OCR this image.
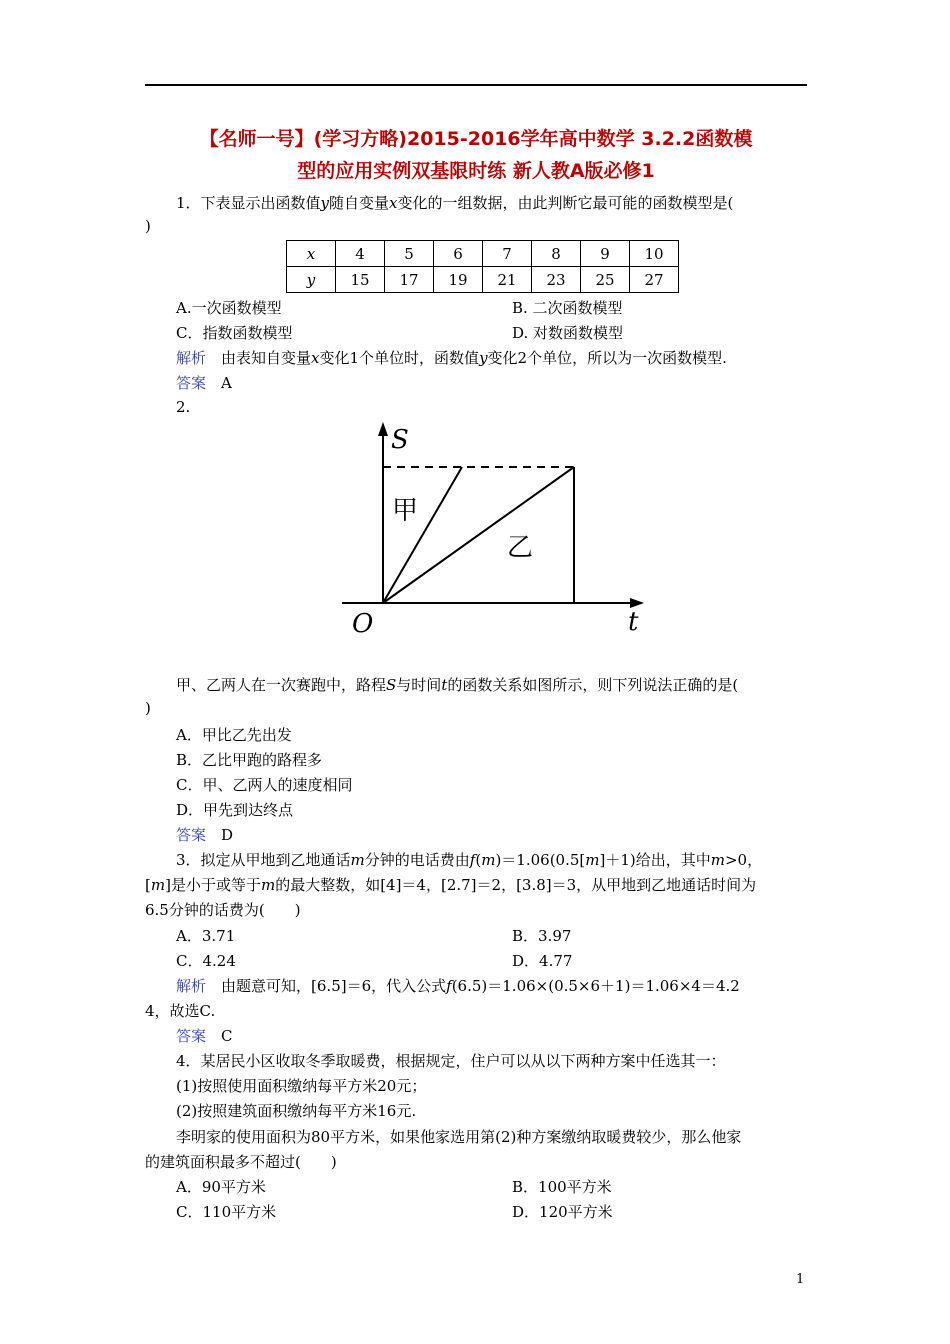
【名师一号】(学习方略)2015-2016学年高中数学 3.2.2函数模
型的应用实例双基限时练 新人教A版必修1
1．下表显示出函数值y随自变量x变化的一组数据，由此判断它最可能的函数模型是(
)
x	4	5	6	7	8	9	10
y	15	17	19	21	23	25	27
A.一次函数模型	B. 二次函数模型
C．指数函数模型	D. 对数函数模型
解析　 由表知自变量x变化1个单位时，函数值y变化2个单位，所以为一次函数模型.
答案　 A
2.
S
t
O
甲
乙
甲、乙两人在一次赛跑中，路程S与时间t的函数关系如图所示，则下列说法正确的是(
)
A．甲比乙先出发
B．乙比甲跑的路程多
C．甲、乙两人的速度相同
D．甲先到达终点
答案　 D
3．拟定从甲地到乙地通话m分钟的电话费由f(m)＝1.06(0.5[m]＋1)给出，其中m>0，
[m]是小于或等于m的最大整数，如[4]＝4，[2.7]＝2，[3.8]＝3，从甲地到乙地通话时间为
6.5分钟的话费为(　　)
A．3.71	B．3.97
C．4.24	D．4.77
解析　 由题意可知，[6.5]＝6，代入公式f(6.5)＝1.06×(0.5×6＋1)＝1.06×4＝4.2
4，故选C.
答案　 C
4．某居民小区收取冬季取暖费，根据规定，住户可以从以下两种方案中任选其一：
(1)按照使用面积缴纳每平方米20元；
(2)按照建筑面积缴纳每平方米16元.
李明家的使用面积为80平方米，如果他家选用第(2)种方案缴纳取暖费较少，那么他家
的建筑面积最多不超过(　　)
A．90平方米	B．100平方米
C．110平方米	D．120平方米
1
